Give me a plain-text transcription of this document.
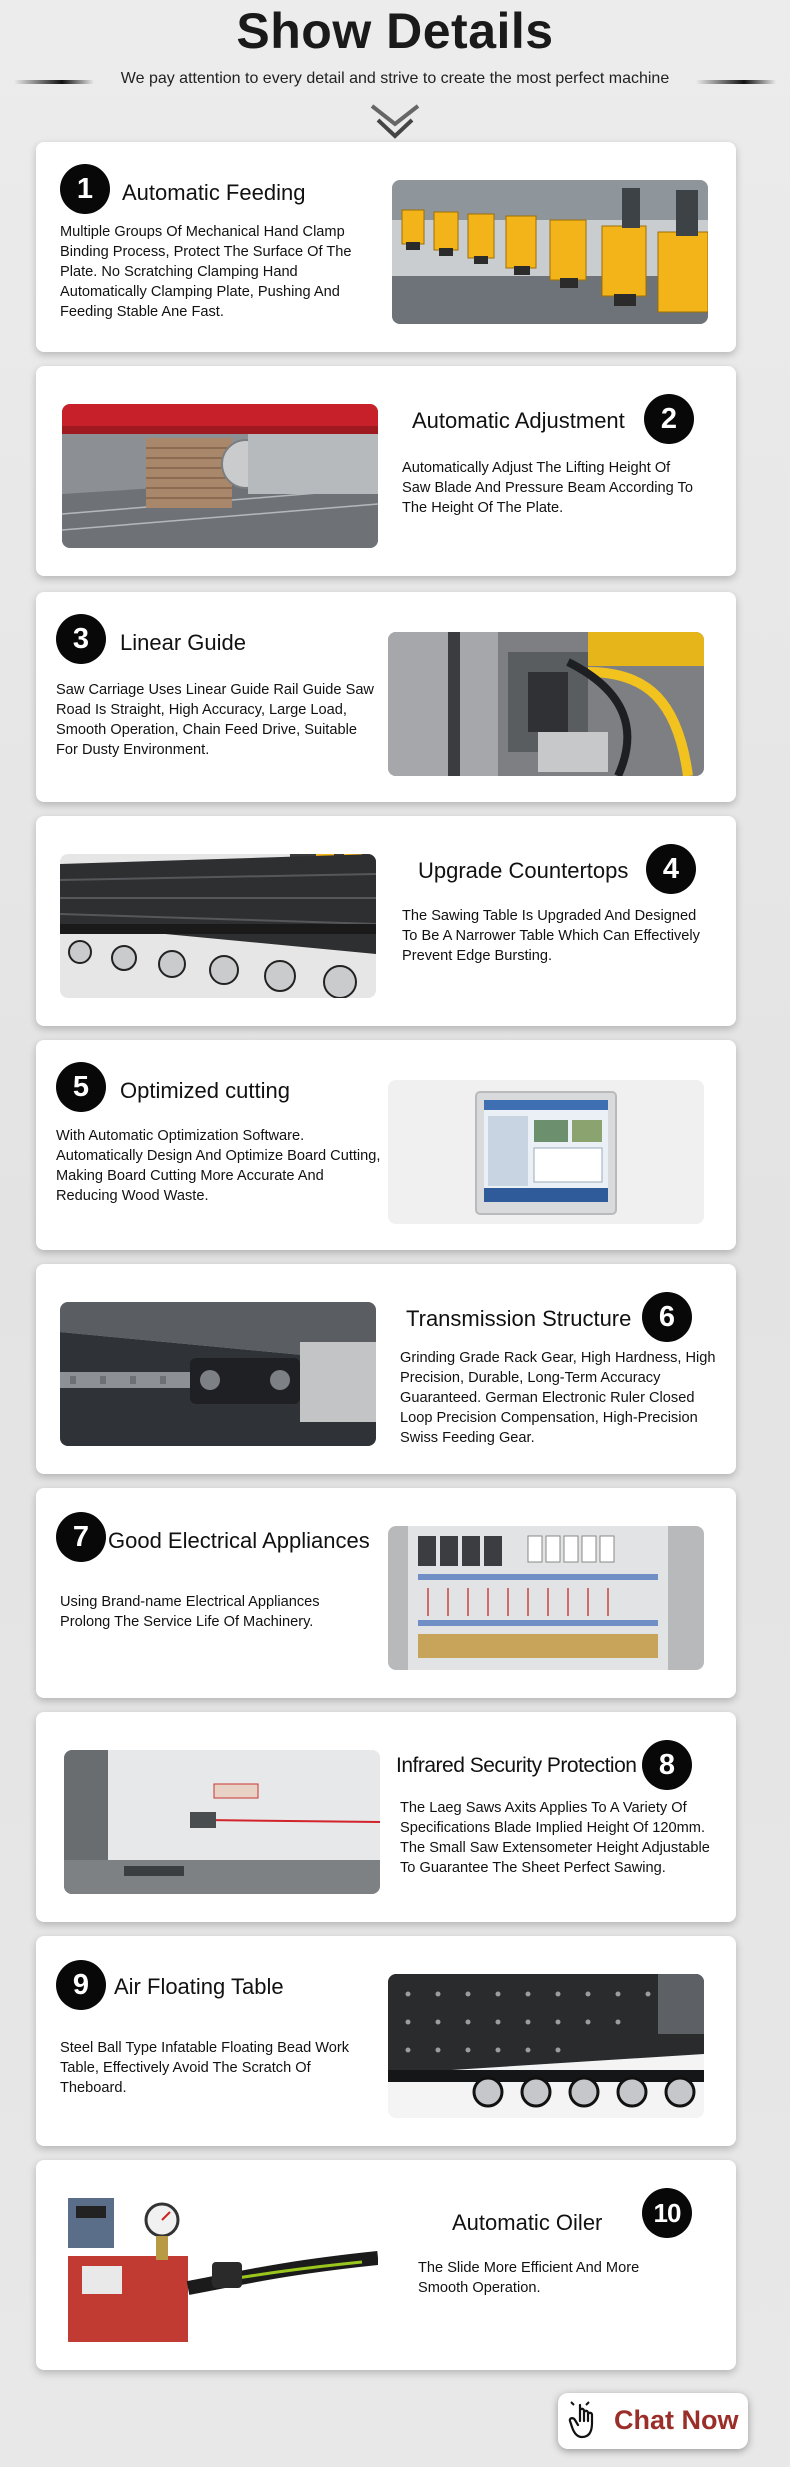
Show Details
We pay attention to every detail and strive to create the most perfect machine
1	Automatic Feeding

Multiple Groups Of Mechanical Hand Clamp Binding Process, Protect The Surface Of The Plate. No Scratching Clamping Hand Automatically Clamping Plate, Pushing And Feeding Stable Ane Fast.

Automatic Adjustment	2

Automatically Adjust The Lifting Height Of Saw Blade And Pressure Beam According To The Height Of The Plate.

3	Linear Guide

Saw Carriage Uses Linear Guide Rail Guide Saw Road Is Straight, High Accuracy, Large Load, Smooth Operation, Chain Feed Drive, Suitable For Dusty Environment.

Upgrade Countertops	4

The Sawing Table Is Upgraded And Designed To Be A Narrower Table Which Can Effectively Prevent Edge Bursting.

5	Optimized cutting

With Automatic Optimization Software. Automatically Design And Optimize Board Cutting, Making Board Cutting More Accurate And Reducing Wood Waste.

Transmission Structure 6

Grinding Grade Rack Gear, High Hardness, High Precision, Durable, Long-Term Accuracy Guaranteed. German Electronic Ruler Closed Loop Precision Compensation, High-Precision Swiss Feeding Gear.

7 Good Electrical Appliances

Using Brand-name Electrical Appliances Prolong The Service Life Of Machinery.

Infrared Security Protection 8

The Laeg Saws Axits Applies To A Variety Of Specifications Blade Implied Height Of 120mm. The Small Saw Extensometer Height Adjustable To Guarantee The Sheet Perfect Sawing.

9	Air Floating Table

Steel Ball Type Infatable Floating Bead Work Table, Effectively Avoid The Scratch Of Theboard.

Automatic Oiler	10

The Slide More Efficient And More Smooth Operation.

Chat Now
